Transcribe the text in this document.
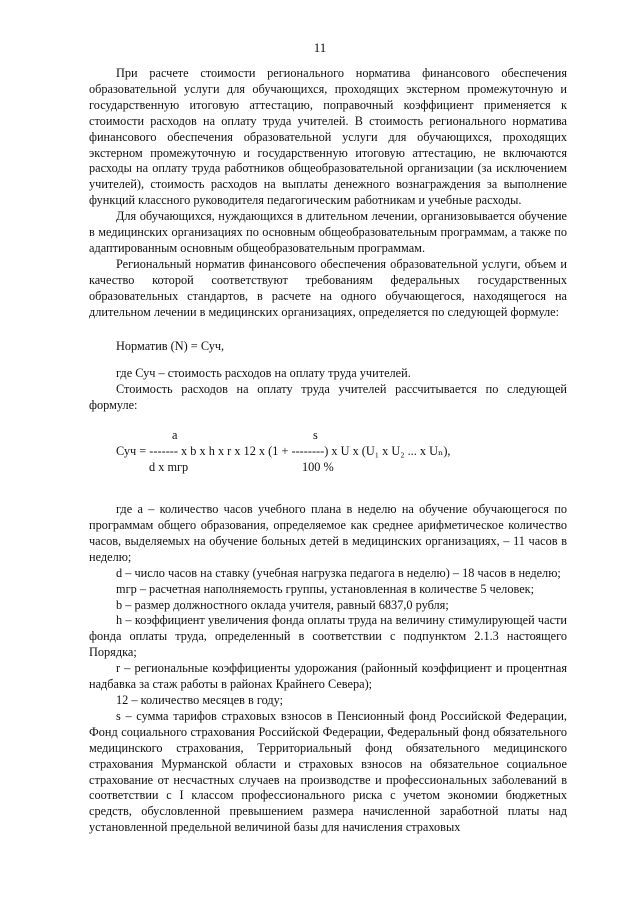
11

При расчете стоимости регионального норматива финансового обеспечения образовательной услуги для обучающихся, проходящих экстерном промежуточную и государственную итоговую аттестацию, поправочный коэффициент применяется к стоимости расходов на оплату труда учителей. В стоимость регионального норматива финансового обеспечения образовательной услуги для обучающихся, проходящих экстерном промежуточную и государственную итоговую аттестацию, не включаются расходы на оплату труда работников общеобразовательной организации (за исключением учителей), стоимость расходов на выплаты денежного вознаграждения за выполнение функций классного руководителя педагогическим работникам и учебные расходы.

Для обучающихся, нуждающихся в длительном лечении, организовывается обучение в медицинских организациях по основным общеобразовательным программам, а также по адаптированным основным общеобразовательным программам.

Региональный норматив финансового обеспечения образовательной услуги, объем и качество которой соответствуют требованиям федеральных государственных образовательных стандартов, в расчете на одного обучающегося, находящегося на длительном лечении в медицинских организациях, определяется по следующей формуле:

Норматив (N) = Суч,

где Суч – стоимость расходов на оплату труда учителей.

Стоимость расходов на оплату труда учителей рассчитывается по следующей формуле:

a	s
Суч = ------- x b x h x r x 12 x (1 + --------) x U x (U₁ x U₂ ... x Uₙ),
d x mгр	100 %

где a – количество часов учебного плана в неделю на обучение обучающегося по программам общего образования, определяемое как среднее арифметическое количество часов, выделяемых на обучение больных детей в медицинских организациях, – 11 часов в неделю;

d – число часов на ставку (учебная нагрузка педагога в неделю) – 18 часов в неделю;

mгр – расчетная наполняемость группы, установленная в количестве 5 человек;

b – размер должностного оклада учителя, равный 6837,0 рубля;

h – коэффициент увеличения фонда оплаты труда на величину стимулирующей части фонда оплаты труда, определенный в соответствии с подпунктом 2.1.3 настоящего Порядка;

r – региональные коэффициенты удорожания (районный коэффициент и процентная надбавка за стаж работы в районах Крайнего Севера);

12 – количество месяцев в году;

s – сумма тарифов страховых взносов в Пенсионный фонд Российской Федерации, Фонд социального страхования Российской Федерации, Федеральный фонд обязательного медицинского страхования, Территориальный фонд обязательного медицинского страхования Мурманской области и страховых взносов на обязательное социальное страхование от несчастных случаев на производстве и профессиональных заболеваний в соответствии с I классом профессионального риска с учетом экономии бюджетных средств, обусловленной превышением размера начисленной заработной платы над установленной предельной величиной базы для начисления страховых
